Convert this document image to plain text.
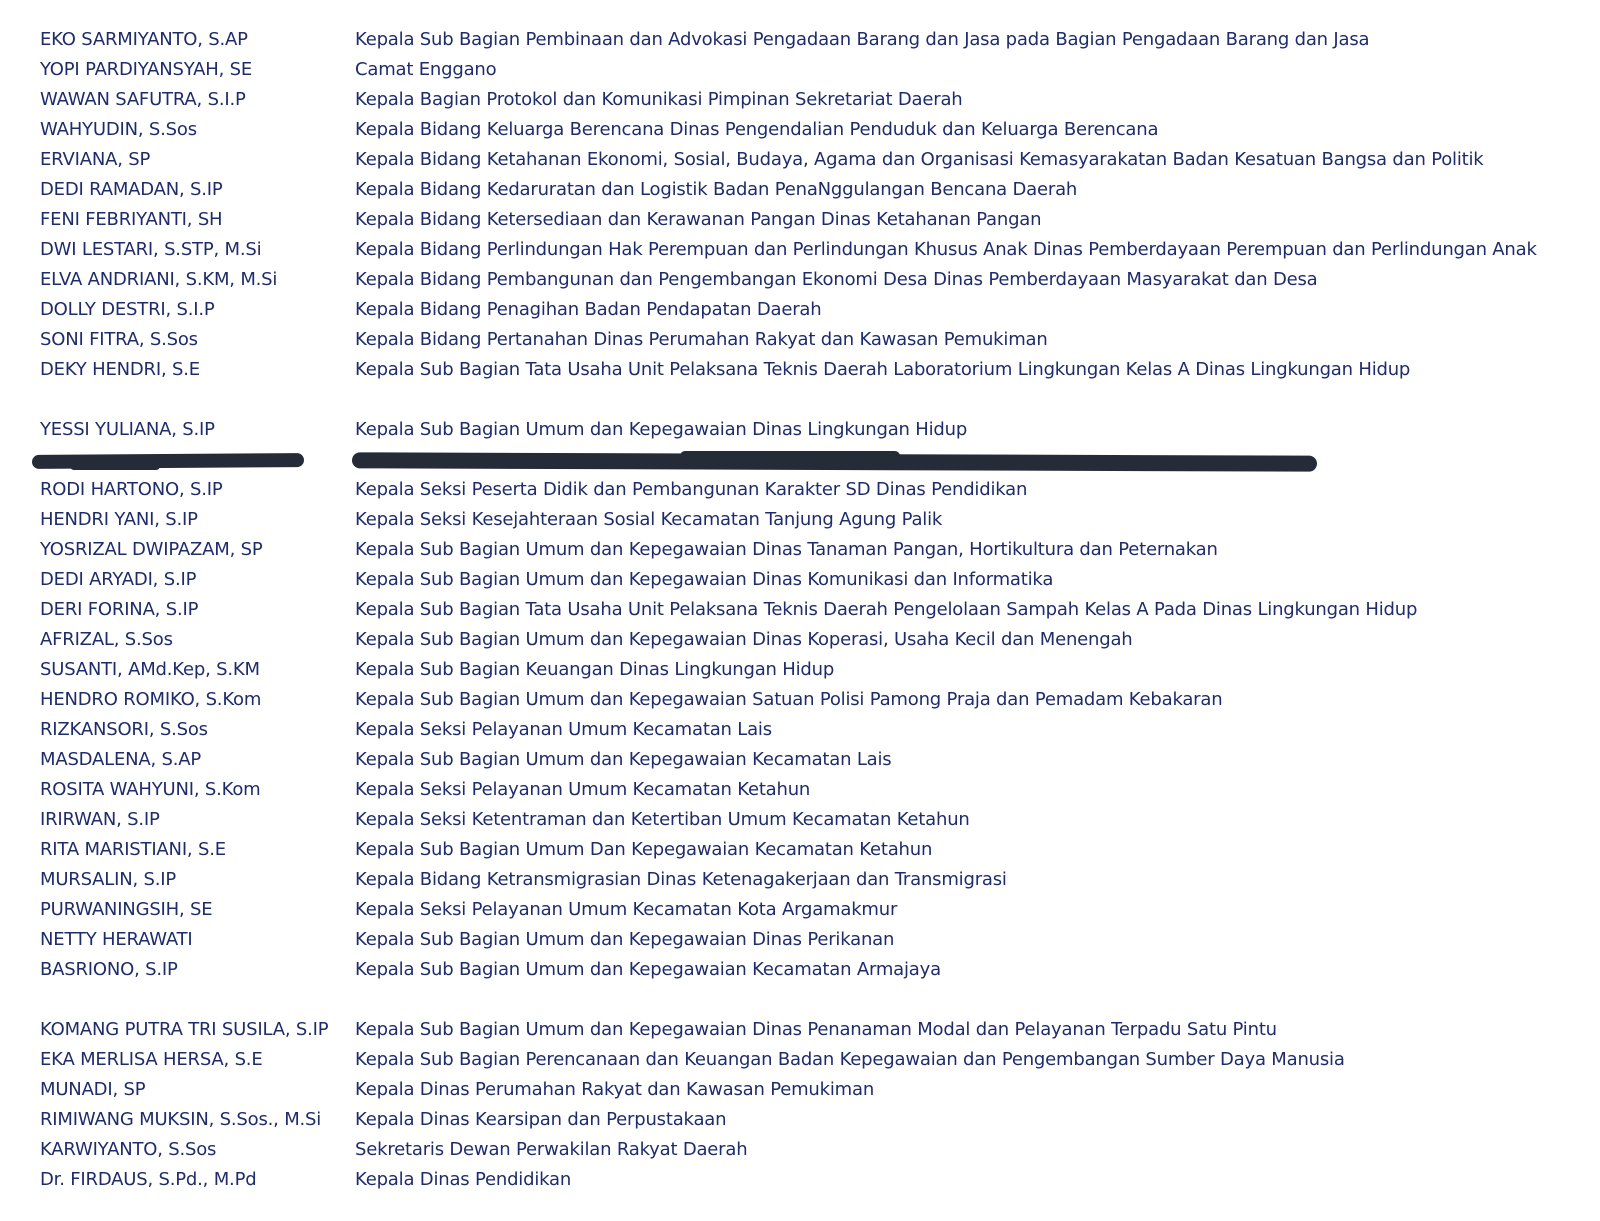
EKO SARMIYANTO, S.AP	Kepala Sub Bagian Pembinaan dan Advokasi Pengadaan Barang dan Jasa pada Bagian Pengadaan Barang dan Jasa
YOPI PARDIYANSYAH, SE	Camat Enggano
WAWAN SAFUTRA, S.I.P	Kepala Bagian Protokol dan Komunikasi Pimpinan Sekretariat Daerah
WAHYUDIN, S.Sos	Kepala Bidang Keluarga Berencana Dinas Pengendalian Penduduk dan Keluarga Berencana
ERVIANA, SP	Kepala Bidang Ketahanan Ekonomi, Sosial, Budaya, Agama dan Organisasi Kemasyarakatan Badan Kesatuan Bangsa dan Politik
DEDI RAMADAN, S.IP	Kepala Bidang Kedaruratan dan Logistik Badan PenaNggulangan Bencana Daerah
FENI FEBRIYANTI, SH	Kepala Bidang Ketersediaan dan Kerawanan Pangan Dinas Ketahanan Pangan
DWI LESTARI, S.STP, M.Si	Kepala Bidang Perlindungan Hak Perempuan dan Perlindungan Khusus Anak Dinas Pemberdayaan Perempuan dan Perlindungan Anak
ELVA ANDRIANI, S.KM, M.Si	Kepala Bidang Pembangunan dan Pengembangan Ekonomi Desa Dinas Pemberdayaan Masyarakat dan Desa
DOLLY DESTRI, S.I.P	Kepala Bidang Penagihan Badan Pendapatan Daerah
SONI FITRA, S.Sos	Kepala Bidang Pertanahan Dinas Perumahan Rakyat dan Kawasan Pemukiman
DEKY HENDRI, S.E	Kepala Sub Bagian Tata Usaha Unit Pelaksana Teknis Daerah Laboratorium Lingkungan Kelas A Dinas Lingkungan Hidup
YESSI YULIANA, S.IP	Kepala Sub Bagian Umum dan Kepegawaian Dinas Lingkungan Hidup
RODI HARTONO, S.IP	Kepala Seksi Peserta Didik dan Pembangunan Karakter SD Dinas Pendidikan
HENDRI YANI, S.IP	Kepala Seksi Kesejahteraan Sosial Kecamatan Tanjung Agung Palik
YOSRIZAL DWIPAZAM, SP	Kepala Sub Bagian Umum dan Kepegawaian Dinas Tanaman Pangan, Hortikultura dan Peternakan
DEDI ARYADI, S.IP	Kepala Sub Bagian Umum dan Kepegawaian Dinas Komunikasi dan Informatika
DERI FORINA, S.IP	Kepala Sub Bagian Tata Usaha Unit Pelaksana Teknis Daerah Pengelolaan Sampah Kelas A Pada Dinas Lingkungan Hidup
AFRIZAL, S.Sos	Kepala Sub Bagian Umum dan Kepegawaian Dinas Koperasi, Usaha Kecil dan Menengah
SUSANTI, AMd.Kep, S.KM	Kepala Sub Bagian Keuangan Dinas Lingkungan Hidup
HENDRO ROMIKO, S.Kom	Kepala Sub Bagian Umum dan Kepegawaian Satuan Polisi Pamong Praja dan Pemadam Kebakaran
RIZKANSORI, S.Sos	Kepala Seksi Pelayanan Umum Kecamatan Lais
MASDALENA, S.AP	Kepala Sub Bagian Umum dan Kepegawaian Kecamatan Lais
ROSITA WAHYUNI, S.Kom	Kepala Seksi Pelayanan Umum Kecamatan Ketahun
IRIRWAN, S.IP	Kepala Seksi Ketentraman dan Ketertiban Umum Kecamatan Ketahun
RITA MARISTIANI, S.E	Kepala Sub Bagian Umum Dan Kepegawaian Kecamatan Ketahun
MURSALIN, S.IP	Kepala Bidang Ketransmigrasian Dinas Ketenagakerjaan dan Transmigrasi
PURWANINGSIH, SE	Kepala Seksi Pelayanan Umum Kecamatan Kota Argamakmur
NETTY HERAWATI	Kepala Sub Bagian Umum dan Kepegawaian Dinas Perikanan
BASRIONO, S.IP	Kepala Sub Bagian Umum dan Kepegawaian Kecamatan Armajaya
KOMANG PUTRA TRI SUSILA, S.IP	Kepala Sub Bagian Umum dan Kepegawaian Dinas Penanaman Modal dan Pelayanan Terpadu Satu Pintu
EKA MERLISA HERSA, S.E	Kepala Sub Bagian Perencanaan dan Keuangan Badan Kepegawaian dan Pengembangan Sumber Daya Manusia
MUNADI, SP	Kepala Dinas Perumahan Rakyat dan Kawasan Pemukiman
RIMIWANG MUKSIN, S.Sos., M.Si	Kepala Dinas Kearsipan dan Perpustakaan
KARWIYANTO, S.Sos	Sekretaris Dewan Perwakilan Rakyat Daerah
Dr. FIRDAUS, S.Pd., M.Pd	Kepala Dinas Pendidikan
